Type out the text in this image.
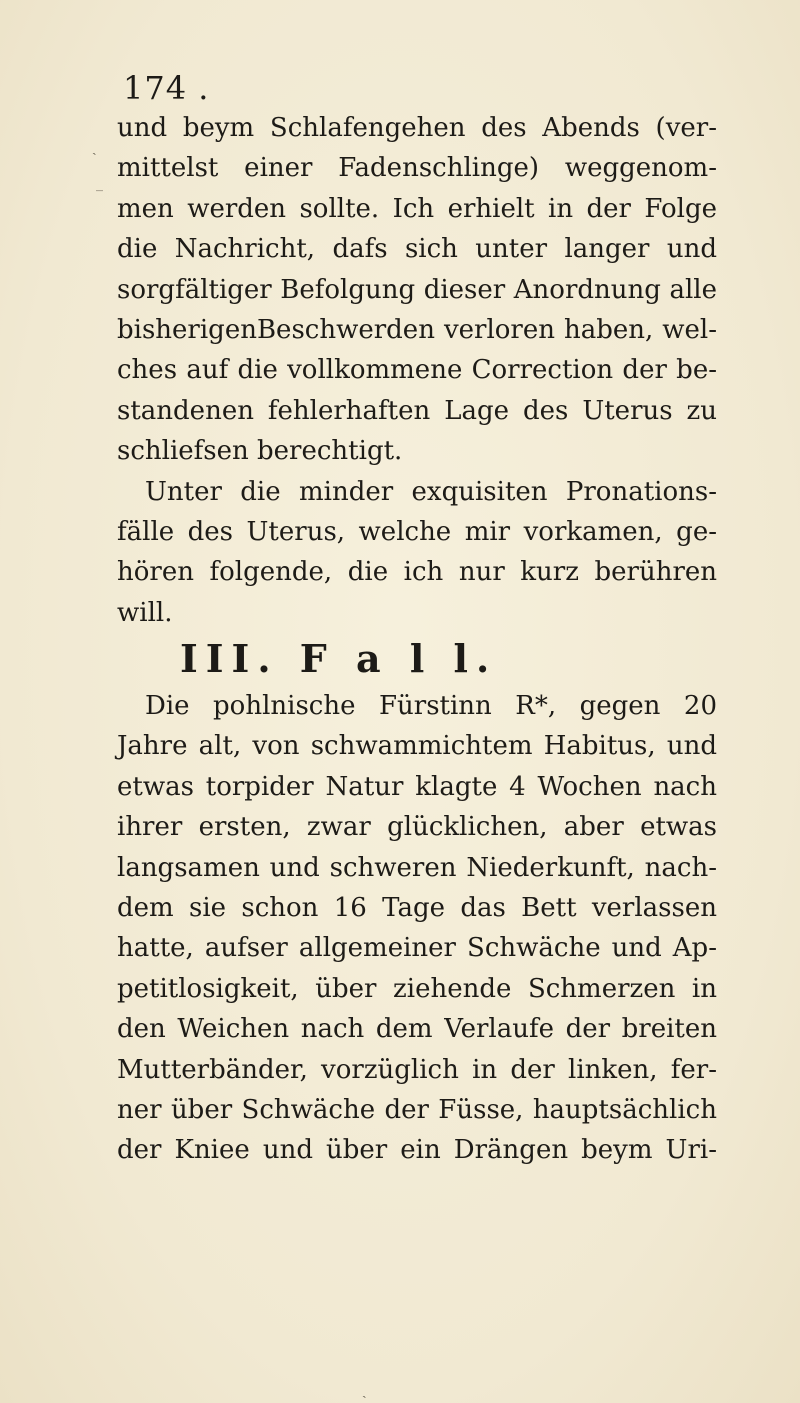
174 .
und beym Schlafengehen des Abends (ver-
mittelst einer Fadenschlinge) weggenom-
men werden sollte. Ich erhielt in der Folge
die Nachricht, dafs sich unter langer und
sorgfältiger Befolgung dieser Anordnung alle
bisherigenBeschwerden verloren haben, wel-
ches auf die vollkommene Correction der be-
standenen fehlerhaften Lage des Uterus zu
schliefsen berechtigt.
Unter die minder exquisiten Pronations-
fälle des Uterus, welche mir vorkamen, ge-
hören folgende, die ich nur kurz berühren
will.
III. F a l l.
Die pohlnische Fürstinn R*, gegen 20
Jahre alt, von schwammichtem Habitus, und
etwas torpider Natur klagte 4 Wochen nach
ihrer ersten, zwar glücklichen, aber etwas
langsamen und schweren Niederkunft, nach-
dem sie schon 16 Tage das Bett verlassen
hatte, aufser allgemeiner Schwäche und Ap-
petitlosigkeit, über ziehende Schmerzen in
den Weichen nach dem Verlaufe der breiten
Mutterbänder, vorzüglich in der linken, fer-
ner über Schwäche der Füsse, hauptsächlich
der Kniee und über ein Drängen beym Uri-
ˏ
_
ˎ
